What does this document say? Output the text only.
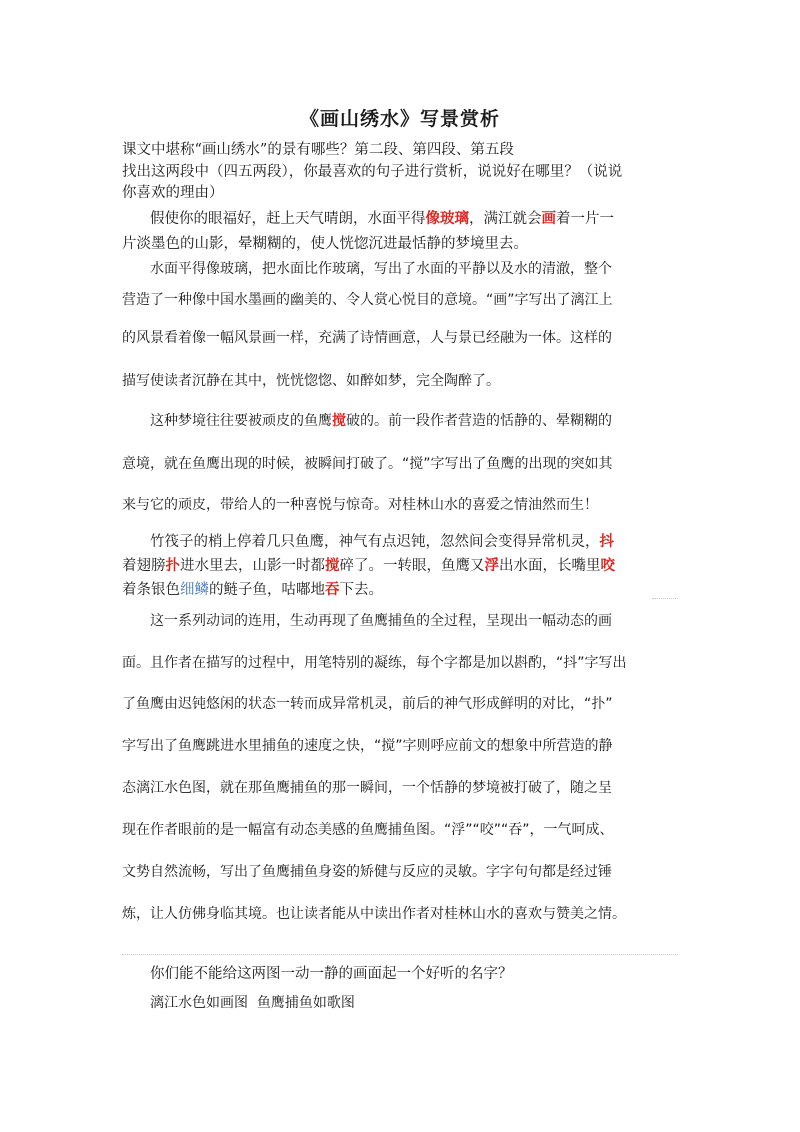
《画山绣水》写景赏析
课文中堪称“画山绣水”的景有哪些？第二段、第四段、第五段
找出这两段中（四五两段），你最喜欢的句子进行赏析，说说好在哪里？（说说
你喜欢的理由）
假使你的眼福好，赶上天气晴朗，水面平得像玻璃，满江就会画着一片一
片淡墨色的山影，晕糊糊的，使人恍惚沉进最恬静的梦境里去。
水面平得像玻璃，把水面比作玻璃，写出了水面的平静以及水的清澈，整个
营造了一种像中国水墨画的幽美的、令人赏心悦目的意境。“画”字写出了漓江上
的风景看着像一幅风景画一样，充满了诗情画意，人与景已经融为一体。这样的
描写使读者沉静在其中，恍恍惚惚、如醉如梦，完全陶醉了。
这种梦境往往要被顽皮的鱼鹰搅破的。前一段作者营造的恬静的、晕糊糊的
意境，就在鱼鹰出现的时候，被瞬间打破了。“搅”字写出了鱼鹰的出现的突如其
来与它的顽皮，带给人的一种喜悦与惊奇。对桂林山水的喜爱之情油然而生！
竹筏子的梢上停着几只鱼鹰，神气有点迟钝，忽然间会变得异常机灵，抖
着翅膀扑进水里去，山影一时都搅碎了。一转眼，鱼鹰又浮出水面，长嘴里咬
着条银色细鳞的鲢子鱼，咕嘟地吞下去。
这一系列动词的连用，生动再现了鱼鹰捕鱼的全过程，呈现出一幅动态的画
面。且作者在描写的过程中，用笔特别的凝练，每个字都是加以斟酌，“抖”字写出
了鱼鹰由迟钝悠闲的状态一转而成异常机灵，前后的神气形成鲜明的对比，“扑”
字写出了鱼鹰跳进水里捕鱼的速度之快，“搅”字则呼应前文的想象中所营造的静
态漓江水色图，就在那鱼鹰捕鱼的那一瞬间，一个恬静的梦境被打破了，随之呈
现在作者眼前的是一幅富有动态美感的鱼鹰捕鱼图。“浮”“咬”“吞”，一气呵成、
文势自然流畅，写出了鱼鹰捕鱼身姿的矫健与反应的灵敏。字字句句都是经过锤
炼，让人仿佛身临其境。也让读者能从中读出作者对桂林山水的喜欢与赞美之情。
你们能不能给这两图一动一静的画面起一个好听的名字？
漓江水色如画图  鱼鹰捕鱼如歌图
